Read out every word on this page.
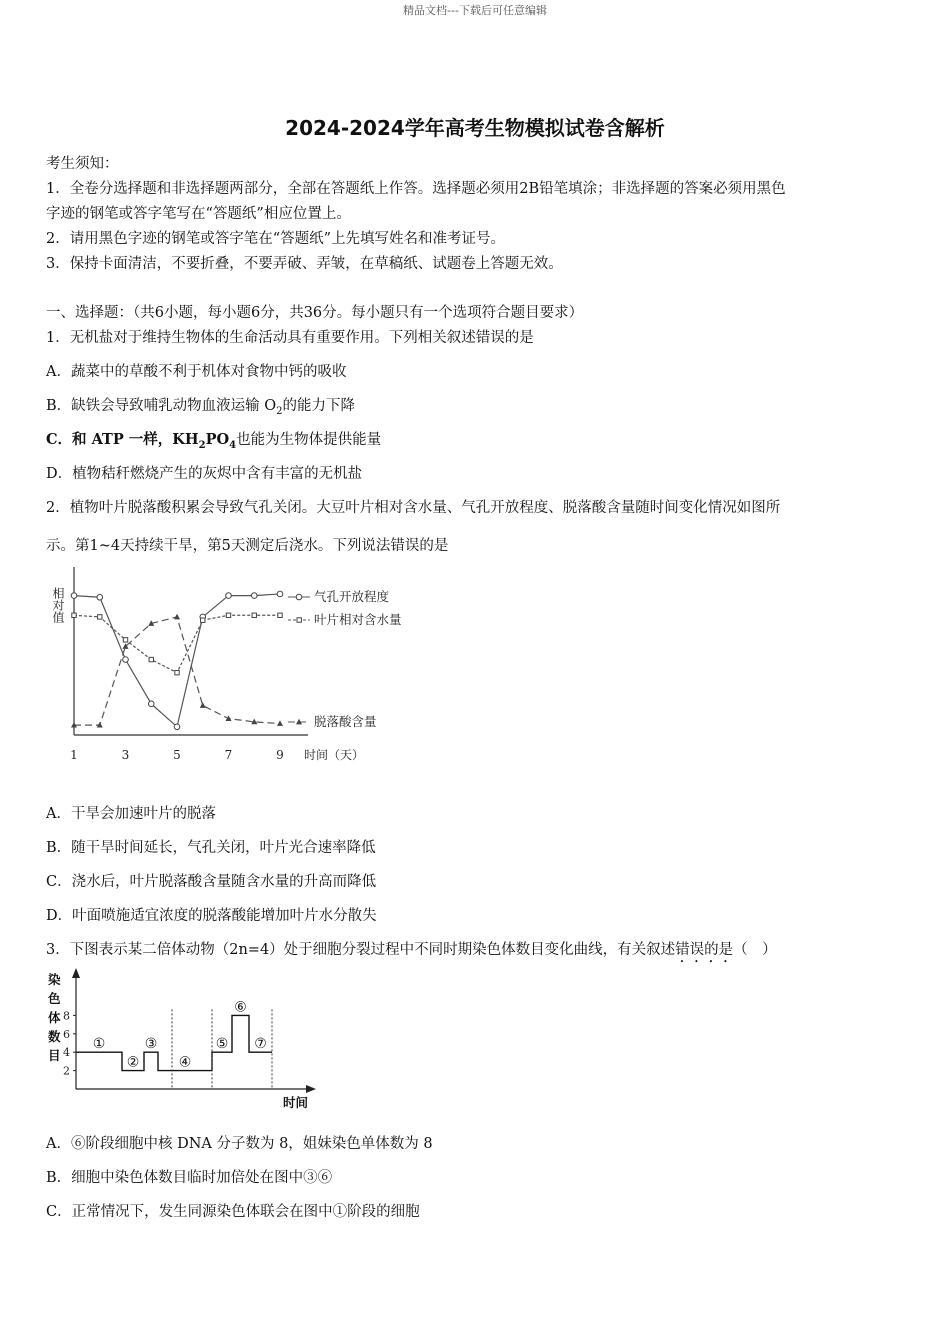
精品文档---下载后可任意编辑
2024-2024学年高考生物模拟试卷含解析
考生须知：
1．全卷分选择题和非选择题两部分，全部在答题纸上作答。选择题必须用2B铅笔填涂；非选择题的答案必须用黑色
字迹的钢笔或答字笔写在“答题纸”相应位置上。
2．请用黑色字迹的钢笔或答字笔在“答题纸”上先填写姓名和准考证号。
3．保持卡面清洁，不要折叠，不要弄破、弄皱，在草稿纸、试题卷上答题无效。
一、选择题：（共6小题，每小题6分，共36分。每小题只有一个选项符合题目要求）
1．无机盐对于维持生物体的生命活动具有重要作用。下列相关叙述错误的是
A．蔬菜中的草酸不利于机体对食物中钙的吸收
B．缺铁会导致哺乳动物血液运输 $O_2$的能力下降
C．和 ATP 一样，$KH_2PO_4$也能为生物体提供能量
D．植物秸秆燃烧产生的灰烬中含有丰富的无机盐
2．植物叶片脱落酸积累会导致气孔关闭。大豆叶片相对含水量、气孔开放程度、脱落酸含量随时间变化情况如图所
示。第1~4天持续干旱，第5天测定后浇水。下列说法错误的是
1	3	5	7	9 时间（天）
相对值	气孔开放程度
叶片相对含水量
脱落酸含量
A．干旱会加速叶片的脱落
B．随干旱时间延长，气孔关闭，叶片光合速率降低
C．浇水后，叶片脱落酸含量随含水量的升高而降低
D．叶面喷施适宜浓度的脱落酸能增加叶片水分散失
3．下图表示某二倍体动物（2n=4）处于细胞分裂过程中不同时期染色体数目变化曲线，有关叙述错误的是（　）
2
4
6
8
染
色
体
数
目
时间
①
②
③
④
⑤
⑥
⑦
A．⑥阶段细胞中核 DNA 分子数为 8，姐妹染色单体数为 8
B．细胞中染色体数目临时加倍处在图中③⑥
C．正常情况下，发生同源染色体联会在图中①阶段的细胞
